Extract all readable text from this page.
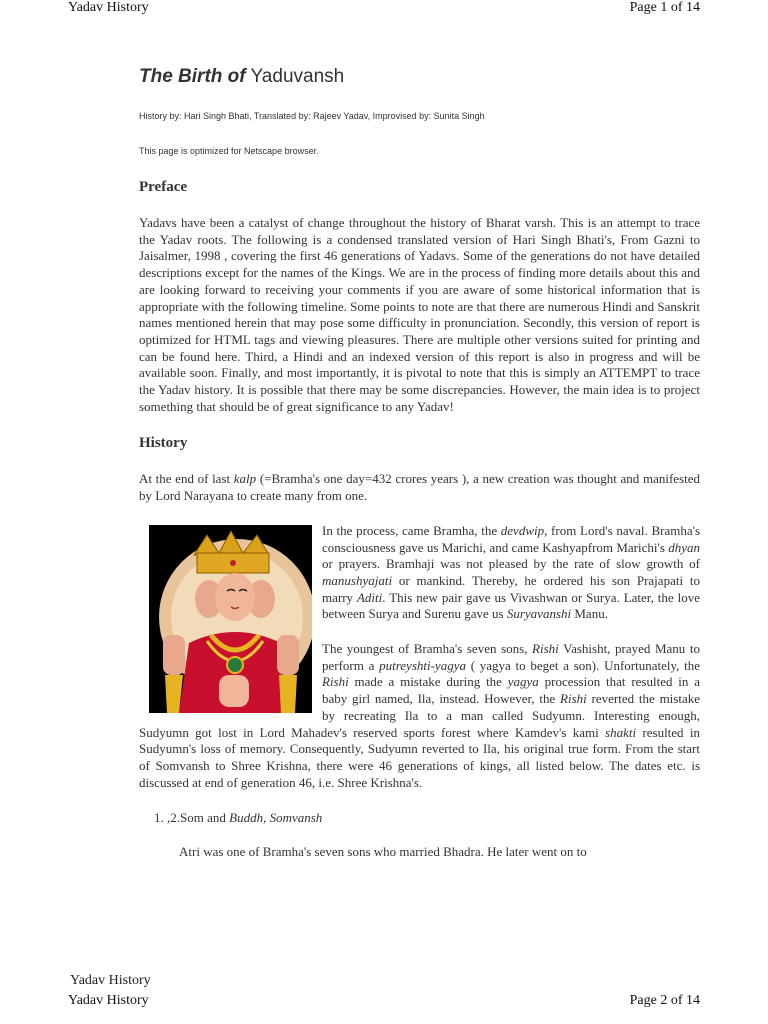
Yadav History	Page 1 of 14
The Birth of Yaduvansh

History by: Hari Singh Bhati, Translated by: Rajeev Yadav, Improvised by: Sunita Singh

This page is optimized for Netscape browser.

Preface

Yadavs have been a catalyst of change throughout the history of Bharat varsh. This is an attempt to trace the Yadav roots. The following is a condensed translated version of Hari Singh Bhati's, From Gazni to Jaisalmer, 1998 , covering the first 46 generations of Yadavs. Some of the generations do not have detailed descriptions except for the names of the Kings. We are in the process of finding more details about this and are looking forward to receiving your comments if you are aware of some historical information that is appropriate with the following timeline. Some points to note are that there are numerous Hindi and Sanskrit names mentioned herein that may pose some difficulty in pronunciation. Secondly, this version of report is optimized for HTML tags and viewing pleasures. There are multiple other versions suited for printing and can be found here. Third, a Hindi and an indexed version of this report is also in progress and will be available soon. Finally, and most importantly, it is pivotal to note that this is simply an ATTEMPT to trace the Yadav history. It is possible that there may be some discrepancies. However, the main idea is to project something that should be of great significance to any Yadav!

History

At the end of last kalp (=Bramha's one day=432 crores years ), a new creation was thought and manifested by Lord Narayana to create many from one.

In the process, came Bramha, the devdwip, from Lord's naval. Bramha's consciousness gave us Marichi, and came Kashyapfrom Marichi's dhyan or prayers. Bramhaji was not pleased by the rate of slow growth of manushyajati or mankind. Thereby, he ordered his son Prajapati to marry Aditi. This new pair gave us Vivashwan or Surya. Later, the love between Surya and Surenu gave us Suryavanshi Manu.

The youngest of Bramha's seven sons, Rishi Vashisht, prayed Manu to perform a putreyshti-yagya ( yagya to beget a son). Unfortunately, the Rishi made a mistake during the yagya procession that resulted in a baby girl named, Ila, instead. However, the Rishi reverted the mistake by recreating Ila to a man called Sudyumn. Interesting enough, Sudyumn got lost in Lord Mahadev's reserved sports forest where Kamdev's kami shakti resulted in Sudyumn's loss of memory. Consequently, Sudyumn reverted to Ila, his original true form. From the start of Somvansh to Shree Krishna, there were 46 generations of kings, all listed below. The dates etc. is discussed at end of generation 46, i.e. Shree Krishna's.

1. ,2.Som and Buddh, Somvansh

Atri was one of Bramha's seven sons who married Bhadra. He later went on to

Yadav History
Yadav History	Page 2 of 14
